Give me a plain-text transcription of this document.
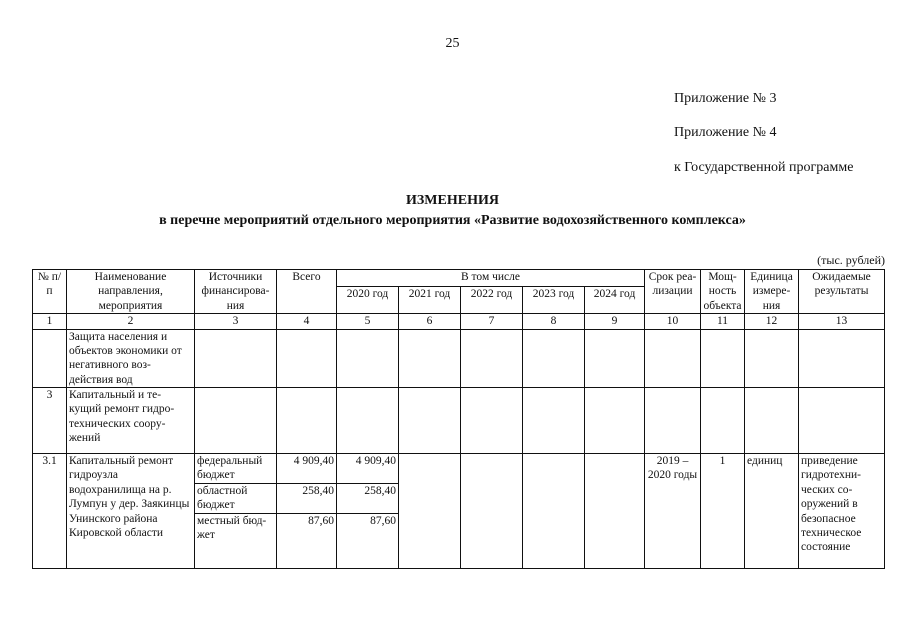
25
Приложение № 3
Приложение № 4
к Государственной программе
ИЗМЕНЕНИЯ
в перечне мероприятий отдельного мероприятия «Развитие водохозяйственного комплекса»
(тыс. рублей)
№ п/п	Наименование направления, мероприятия	Источники финансирова-ния	Всего	В том числе					Срок реа-лизации	Мощ-ность объекта	Единица измере-ния	Ожидаемые результаты
				2020 год	2021 год	2022 год	2023 год	2024 год				
1	2	3	4	5	6	7	8	9	10	11	12	13
	Защита населения и объектов экономики от негативного воз-действия вод											
3	Капитальный и те-кущий ремонт гидро-технических соору-жений											
3.1	Капитальный ремонт гидроузла водохранилища на р. Лумпун у дер. Заякинцы Унинского района Кировской области	федеральный бюджет	4 909,40	4 909,40					2019 – 2020 годы	1	единиц	приведение гидротехни-ческих со-оружений в безопасное техническое состояние
		областной бюджет	258,40	258,40								
		местный бюд-жет	87,60	87,60								
